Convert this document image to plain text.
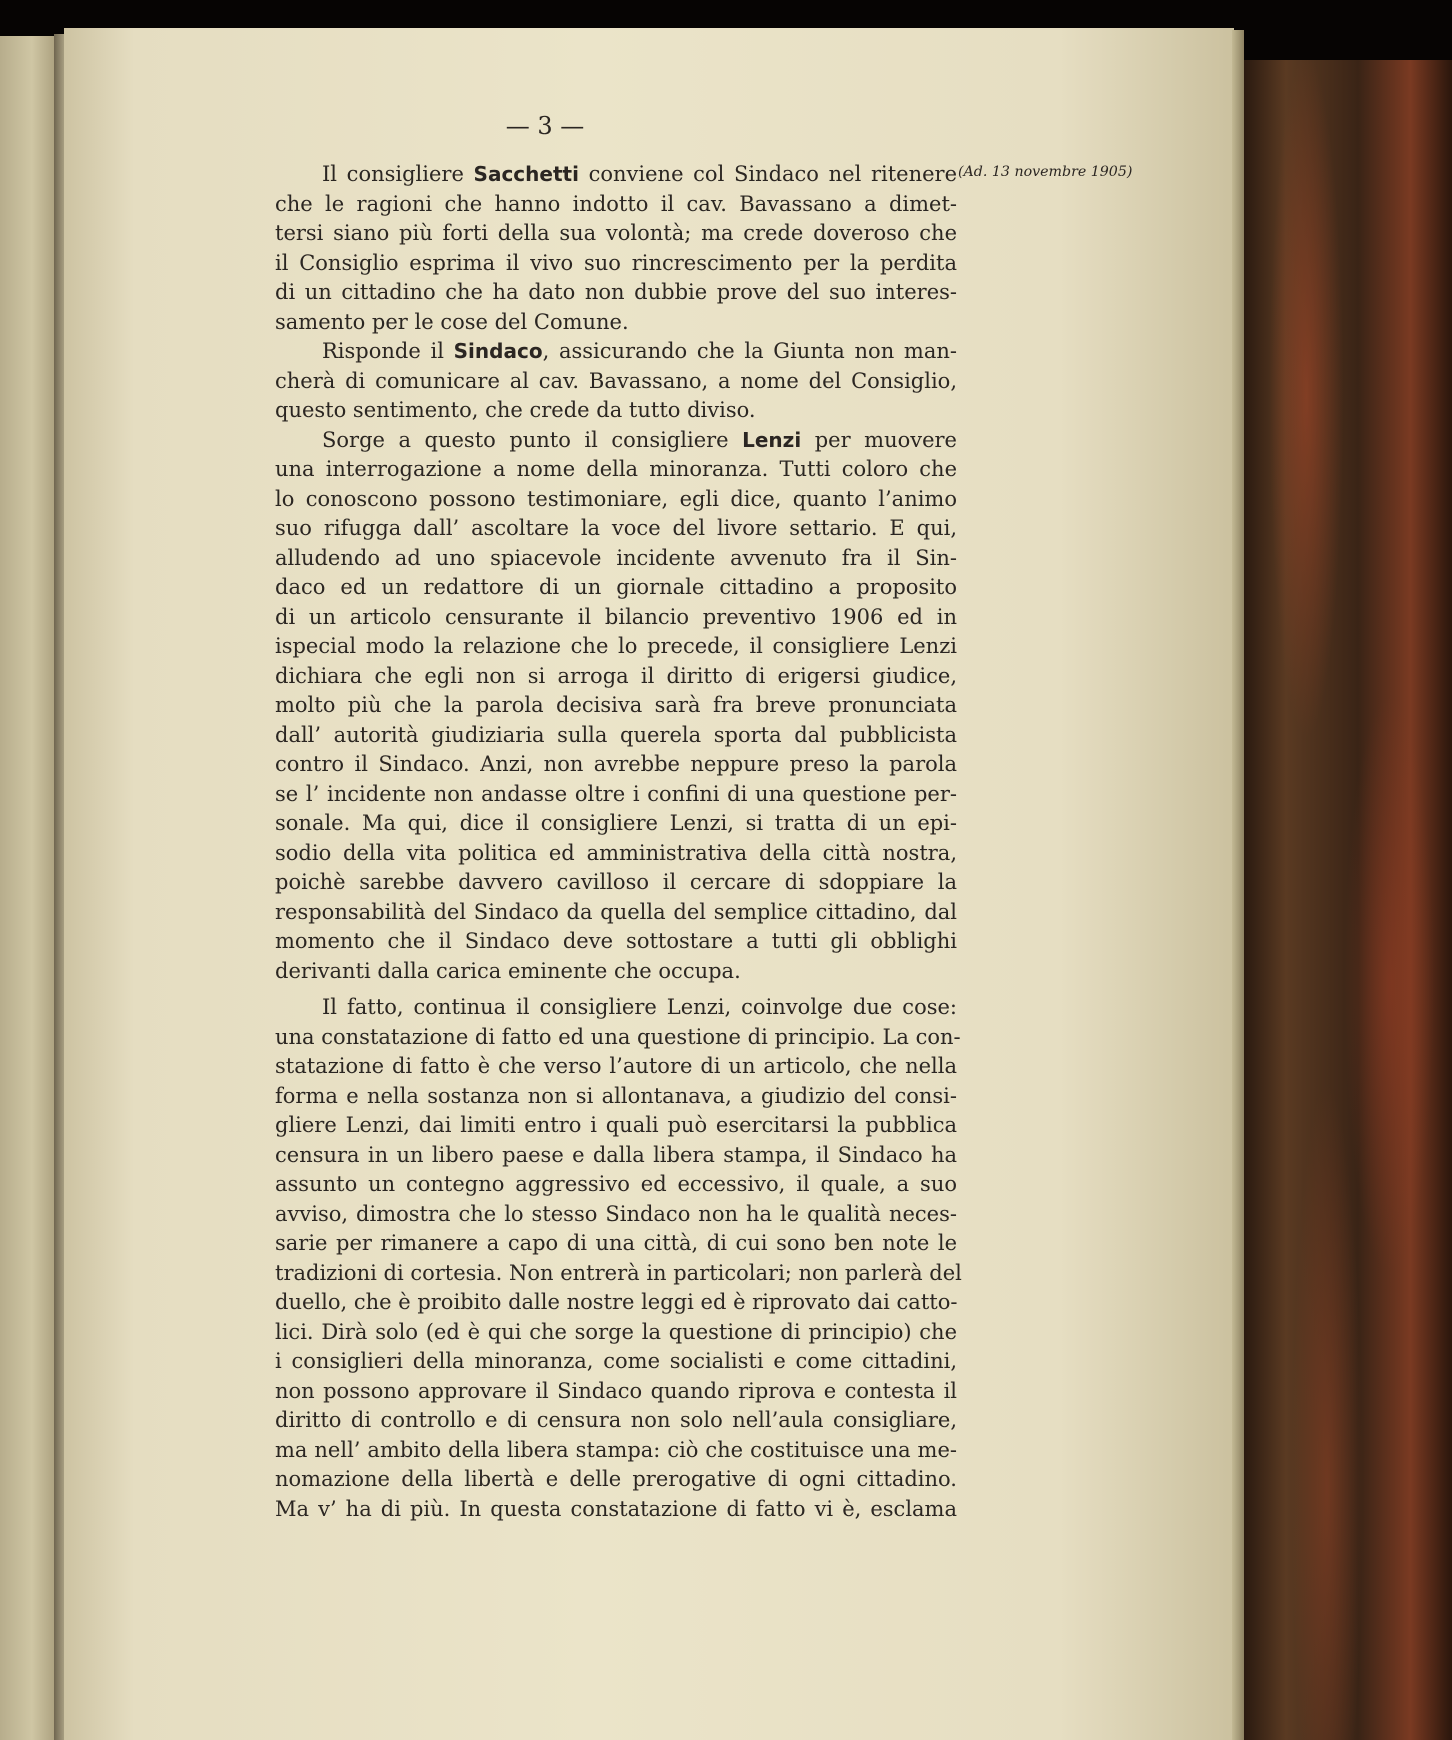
— 3 —
(Ad. 13 novembre 1905)
Il consigliere Sacchetti conviene col Sindaco nel ritenere
che le ragioni che hanno indotto il cav. Bavassano a dimet-
tersi siano più forti della sua volontà; ma crede doveroso che
il Consiglio esprima il vivo suo rincrescimento per la perdita
di un cittadino che ha dato non dubbie prove del suo interes-
samento per le cose del Comune.
Risponde il Sindaco, assicurando che la Giunta non man-
cherà di comunicare al cav. Bavassano, a nome del Consiglio,
questo sentimento, che crede da tutto diviso.
Sorge a questo punto il consigliere Lenzi per muovere
una interrogazione a nome della minoranza. Tutti coloro che
lo conoscono possono testimoniare, egli dice, quanto l’animo
suo rifugga dall’ ascoltare la voce del livore settario. E qui,
alludendo ad uno spiacevole incidente avvenuto fra il Sin-
daco ed un redattore di un giornale cittadino a proposito
di un articolo censurante il bilancio preventivo 1906 ed in
ispecial modo la relazione che lo precede, il consigliere Lenzi
dichiara che egli non si arroga il diritto di erigersi giudice,
molto più che la parola decisiva sarà fra breve pronunciata
dall’ autorità giudiziaria sulla querela sporta dal pubblicista
contro il Sindaco. Anzi, non avrebbe neppure preso la parola
se l’ incidente non andasse oltre i confini di una questione per-
sonale. Ma qui, dice il consigliere Lenzi, si tratta di un epi-
sodio della vita politica ed amministrativa della città nostra,
poichè sarebbe davvero cavilloso il cercare di sdoppiare la
responsabilità del Sindaco da quella del semplice cittadino, dal
momento che il Sindaco deve sottostare a tutti gli obblighi
derivanti dalla carica eminente che occupa.
Il fatto, continua il consigliere Lenzi, coinvolge due cose:
una constatazione di fatto ed una questione di principio. La con-
statazione di fatto è che verso l’autore di un articolo, che nella
forma e nella sostanza non si allontanava, a giudizio del consi-
gliere Lenzi, dai limiti entro i quali può esercitarsi la pubblica
censura in un libero paese e dalla libera stampa, il Sindaco ha
assunto un contegno aggressivo ed eccessivo, il quale, a suo
avviso, dimostra che lo stesso Sindaco non ha le qualità neces-
sarie per rimanere a capo di una città, di cui sono ben note le
tradizioni di cortesia. Non entrerà in particolari; non parlerà del
duello, che è proibito dalle nostre leggi ed è riprovato dai catto-
lici. Dirà solo (ed è qui che sorge la questione di principio) che
i consiglieri della minoranza, come socialisti e come cittadini,
non possono approvare il Sindaco quando riprova e contesta il
diritto di controllo e di censura non solo nell’aula consigliare,
ma nell’ ambito della libera stampa: ciò che costituisce una me-
nomazione della libertà e delle prerogative di ogni cittadino.
Ma v’ ha di più. In questa constatazione di fatto vi è, esclama
